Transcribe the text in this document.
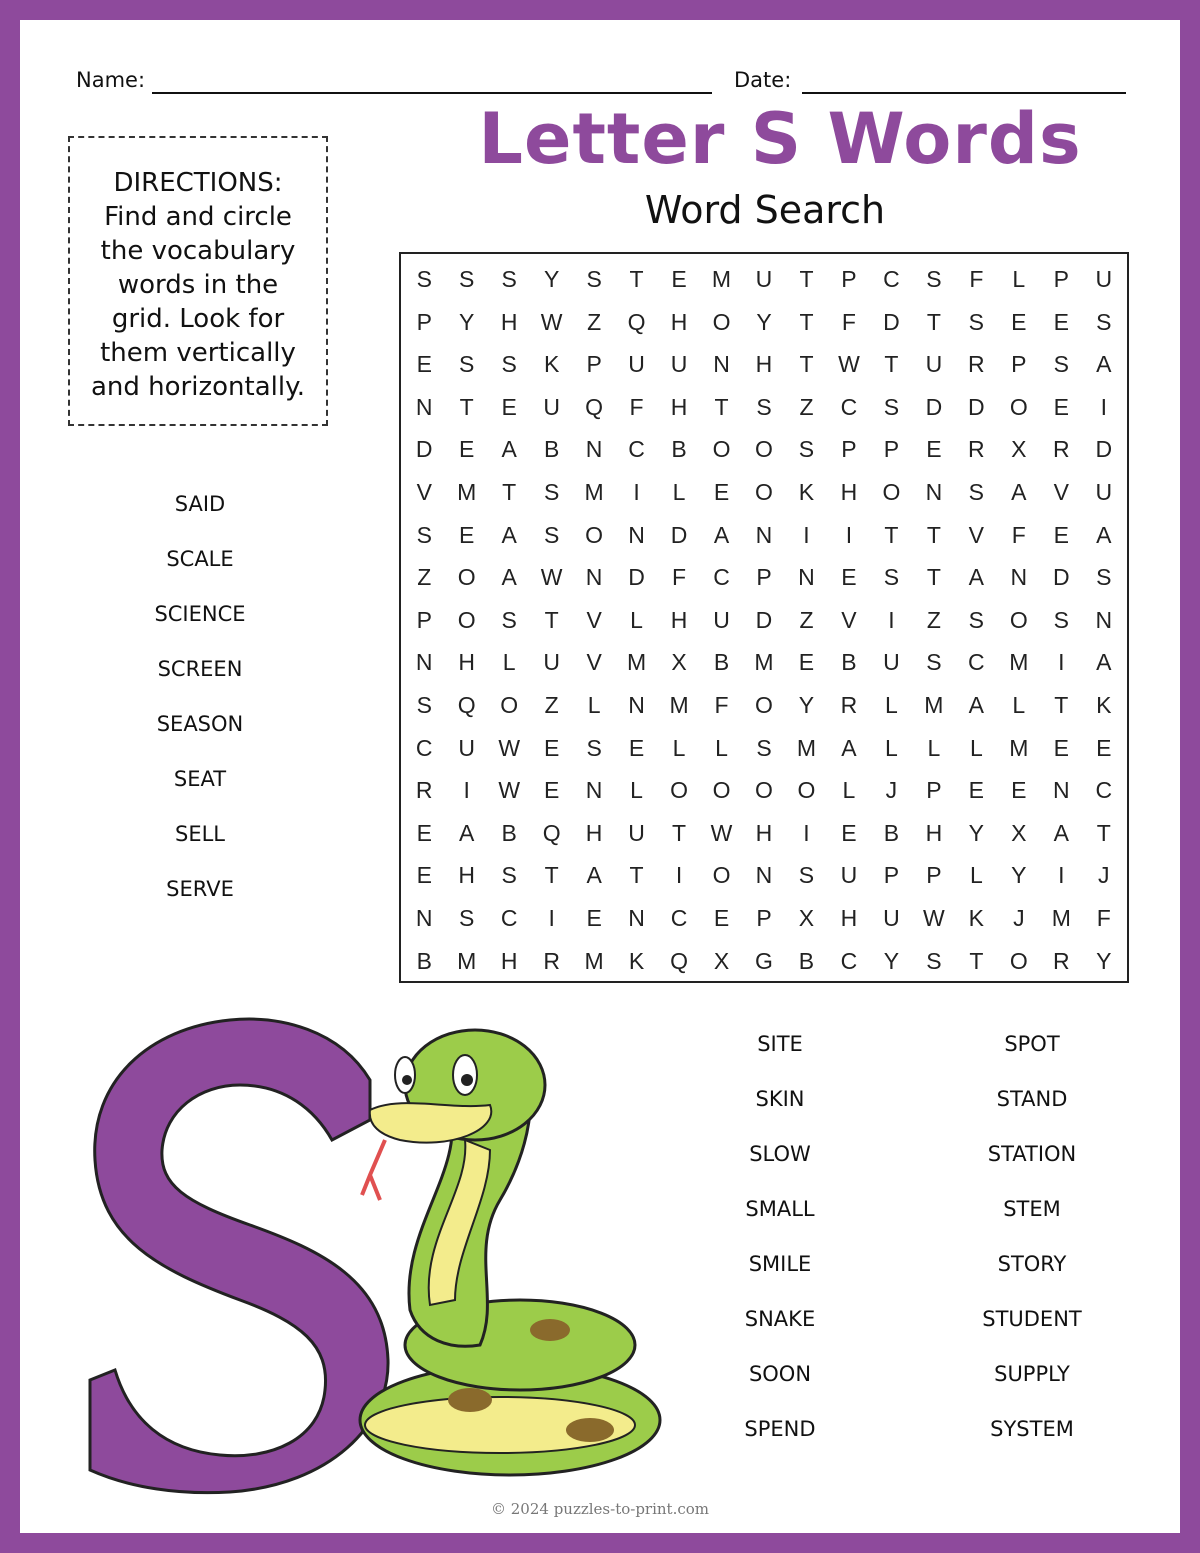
Name:	Date:
Letter S Words
Word Search
DIRECTIONS:
Find and circle
the vocabulary
words in the
grid. Look for
them vertically
and horizontally.
SAID
SCALE
SCIENCE
SCREEN
SEASON
SEAT
SELL
SERVE
S	S	S	Y	S	T	E	M	U	T	P	C	S	F	L	P	U
P	Y	H	W	Z	Q	H	O	Y	T	F	D	T	S	E	E	S
E	S	S	K	P	U	U	N	H	T	W	T	U	R	P	S	A
N	T	E	U	Q	F	H	T	S	Z	C	S	D	D	O	E	I
D	E	A	B	N	C	B	O	O	S	P	P	E	R	X	R	D
V	M	T	S	M	I	L	E	O	K	H	O	N	S	A	V	U
S	E	A	S	O	N	D	A	N	I	I	T	T	V	F	E	A
Z	O	A	W	N	D	F	C	P	N	E	S	T	A	N	D	S
P	O	S	T	V	L	H	U	D	Z	V	I	Z	S	O	S	N
N	H	L	U	V	M	X	B	M	E	B	U	S	C	M	I	A
S	Q	O	Z	L	N	M	F	O	Y	R	L	M	A	L	T	K
C	U	W	E	S	E	L	L	S	M	A	L	L	L	M	E	E
R	I	W	E	N	L	O	O	O	O	L	J	P	E	E	N	C
E	A	B	Q	H	U	T	W	H	I	E	B	H	Y	X	A	T
E	H	S	T	A	T	I	O	N	S	U	P	P	L	Y	I	J
N	S	C	I	E	N	C	E	P	X	H	U	W	K	J	M	F
B	M	H	R	M	K	Q	X	G	B	C	Y	S	T	O	R	Y
SITE
SKIN
SLOW
SMALL
SMILE
SNAKE
SOON
SPEND
SPOT
STAND
STATION
STEM
STORY
STUDENT
SUPPLY
SYSTEM
© 2024 puzzles-to-print.com
